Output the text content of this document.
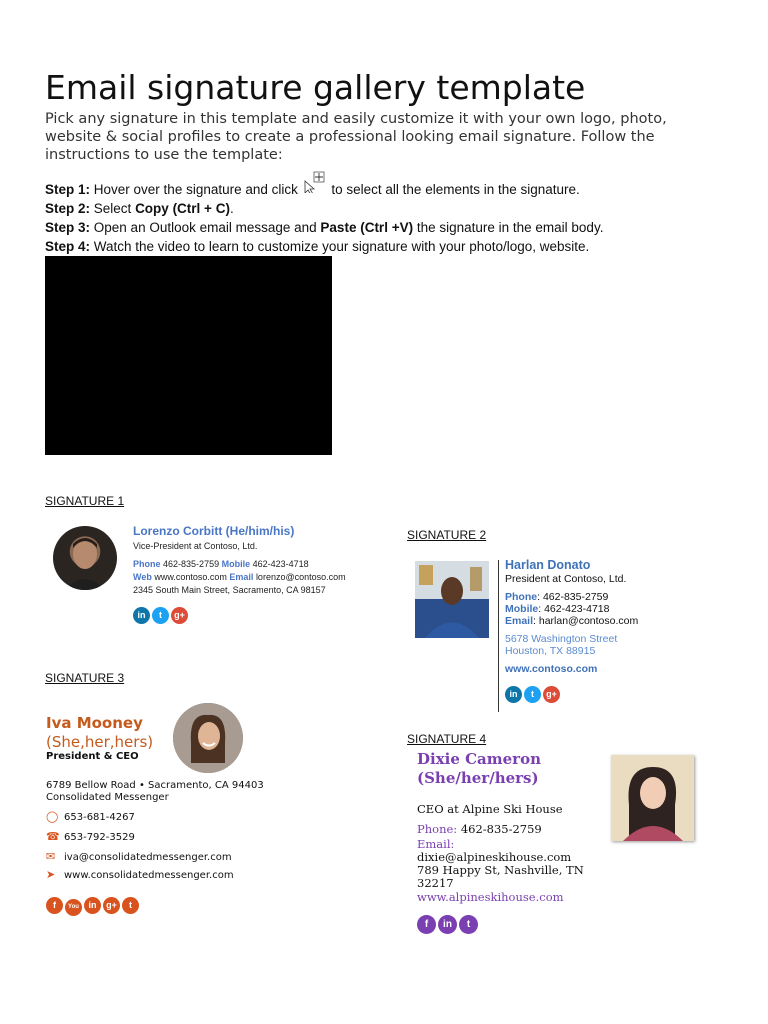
Email signature gallery template
Pick any signature in this template and easily customize it with your own logo, photo, website & social profiles to create a professional looking email signature. Follow the instructions to use the template:
Step 1: Hover over the signature and click
to select all the elements in the signature.
Step 2: Select Copy (Ctrl + C).
Step 3: Open an Outlook email message and Paste (Ctrl +V) the signature in the email body.
Step 4: Watch the video to learn to customize your signature with your photo/logo, website.
SIGNATURE 1
Lorenzo Corbitt (He/him/his)
Vice-President at Contoso, Ltd.
Phone 462-835-2759 Mobile 462-423-4718
Web www.contoso.com Email lorenzo@contoso.com
2345 South Main Street, Sacramento, CA 98157
in t g+
SIGNATURE 2
Harlan Donato
President at Contoso, Ltd.
Phone: 462-835-2759
Mobile: 462-423-4718
Email: harlan@contoso.com
5678 Washington Street
Houston, TX 88915
www.contoso.com
in t g+
SIGNATURE 3
Iva Mooney
(She,her,hers)
President & CEO
6789 Bellow Road • Sacramento, CA 94403
Consolidated Messenger
◯ 653-681-4267
☎ 653-792-3529
✉ iva@consolidatedmessenger.com
➤ www.consolidatedmessenger.com
f You in g+ t
SIGNATURE 4
Dixie Cameron
(She/her/hers)
CEO at Alpine Ski House
Phone: 462-835-2759
Email:
dixie@alpineskihouse.com
789 Happy St, Nashville, TN 32217
www.alpineskihouse.com
f in t
